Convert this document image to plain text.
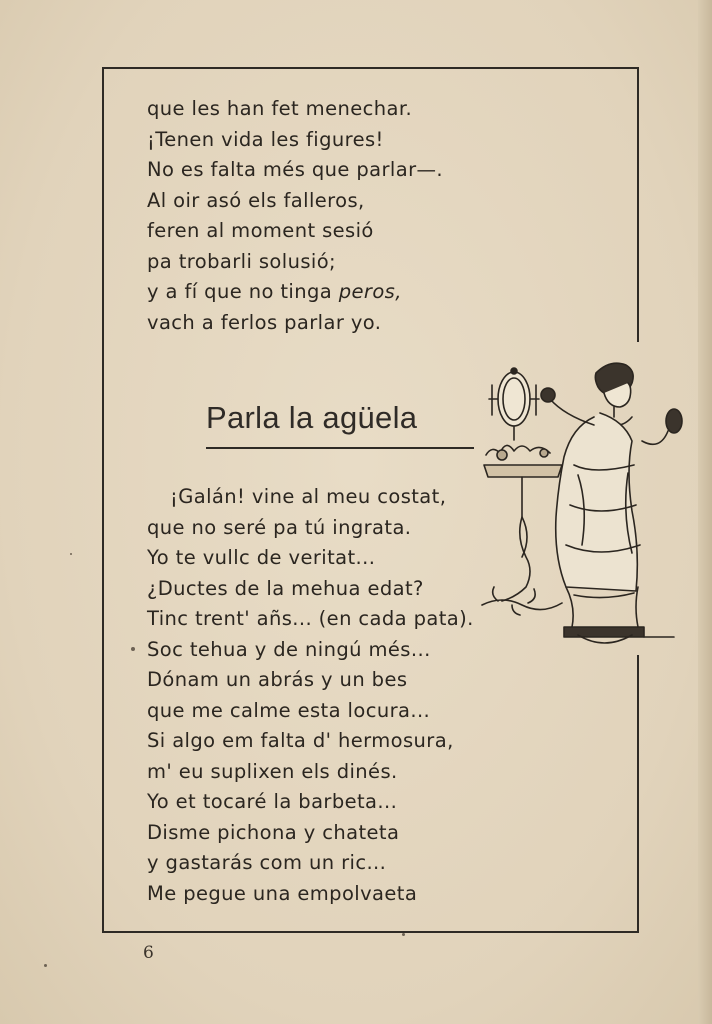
que les han fet menechar.
¡Tenen vida les figures!
No es falta més que parlar—.
Al oir asó els falleros,
feren al moment sesió
pa trobarli solusió;
y a fí que no tinga peros,
vach a ferlos parlar yo.
Parla la agüela
¡Galán! vine al meu costat,
que no seré pa tú ingrata.
Yo te vullc de veritat...
¿Ductes de la mehua edat?
Tinc trent' añs... (en cada pata).
Soc tehua y de ningú més...
Dónam un abrás y un bes
que me calme esta locura...
Si algo em falta d' hermosura,
m' eu suplixen els dinés.
Yo et tocaré la barbeta...
Disme pichona y chateta
y gastarás com un ric...
Me pegue una empolvaeta
6
